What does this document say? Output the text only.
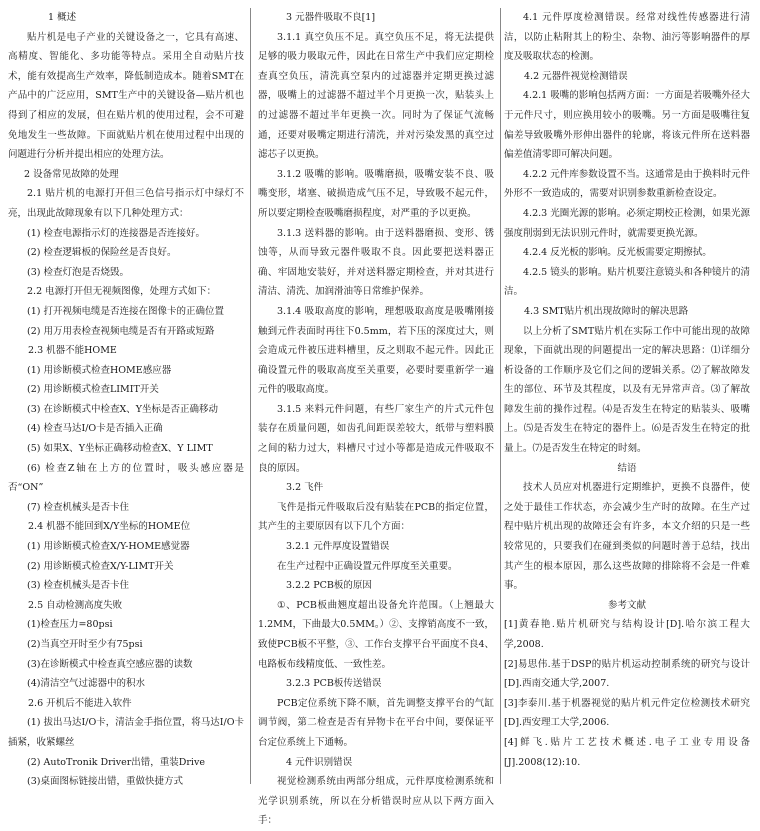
1 概述

贴片机是电子产业的关键设备之一，它具有高速、高精度、智能化、多功能等特点。采用全自动贴片技术，能有效提高生产效率，降低制造成本。随着SMT在产品中的广泛应用，SMT生产中的关键设备—贴片机也得到了相应的发展，但在贴片机的使用过程，会不可避免地发生一些故障。下面就贴片机在使用过程中出现的问题进行分析并提出相应的处理方法。

2 设备常见故障的处理

2.1 贴片机的电源打开但三色信号指示灯中绿灯不亮，出现此故障现象有以下几种处理方式：

(1) 检查电源指示灯的连接器是否连接好。

(2) 检查逻辑板的保险丝是否良好。

(3) 检查灯泡是否烧毁。

2.2 电源打开但无视频图像，处理方式如下：

(1) 打开视频电缆是否连接在图像卡的正确位置

(2) 用万用表检查视频电缆是否有开路或短路

2.3 机器不能HOME

(1) 用诊断模式检查HOME感应器

(2) 用诊断模式检查LIMIT开关

(3) 在诊断模式中检查X、Y坐标是否正确移动

(4) 检查马达I/O卡是否插入正确

(5) 如果X、Y坐标正确移动检查X、Y LIMT

(6) 检查Z轴在上方的位置时，吸头感应器是否“ON”

(7) 检查机械头是否卡住

2.4 机器不能回到X/Y坐标的HOME位

(1) 用诊断模式检查X/Y-HOME感觉器

(2) 用诊断模式检查X/Y-LIMT开关

(3) 检查机械头是否卡住

2.5 自动检测高度失败

(1)检查压力=80psi

(2)当真空开时至少有75psi

(3)在诊断模式中检查真空感应器的读数

(4)清洁空气过滤器中的积水

2.6 开机后不能进入软件

(1) 拔出马达I/O卡，清洁金手指位置，将马达I/O卡插紧，收紧螺丝

(2) AutoTronik Driver出错，重装Drive

(3)桌面图标链接出错，重做快捷方式

3 元器件吸取不良[1]

3.1.1 真空负压不足。真空负压不足，将无法提供足够的吸力吸取元件，因此在日常生产中我们应定期检查真空负压，清洗真空泵内的过滤器并定期更换过滤器，吸嘴上的过滤器不超过半个月更换一次，贴装头上的过滤器不超过半年更换一次。同时为了保证气流畅通，还要对吸嘴定期进行清洗，并对污染发黑的真空过滤芯子以更换。

3.1.2 吸嘴的影响。吸嘴磨损，吸嘴安装不良、吸嘴变形，堵塞、破损造成气压不足，导致吸不起元件，所以要定期检查吸嘴磨损程度，对严重的予以更换。

3.1.3 送料器的影响。由于送料器磨损、变形、锈蚀等，从而导致元器件吸取不良。因此要把送料器正确、牢固地安装好，并对送料器定期检查，并对其进行清洁、清洗、加润滑油等日常维护保养。

3.1.4 吸取高度的影响，理想吸取高度是吸嘴刚接触到元件表面时再往下0.5mm，若下压的深度过大，则会造成元件被压进料槽里，反之则取不起元件。因此正确设置元件的吸取高度至关重要，必要时要重新学一遍元件的吸取高度。

3.1.5 来料元件问题，有些厂家生产的片式元件包装存在质量问题，如齿孔间距误差较大，纸带与塑料膜之间的粘力过大，料槽尺寸过小等都是造成元件吸取不良的原因。

3.2 飞件

飞件是指元件吸取后没有贴装在PCB的指定位置，其产生的主要原因有以下几个方面：

3.2.1 元件厚度设置错误

在生产过程中正确设置元件厚度至关重要。

3.2.2 PCB板的原因

①、PCB板曲翘度超出设备允许范围。（上翘最大1.2MM，下曲最大0.5MM。）②、支撑销高度不一致，致使PCB板不平整，③、工作台支撑平台平面度不良4、电路板布线精度低、一致性差。

3.2.3 PCB板传送错误

PCB定位系统下降不顺，首先调整支撑平台的气缸调节阀，第二检查是否有异物卡在平台中间，要保证平台定位系统上下通畅。

4 元件识别错误

视觉检测系统由两部分组成，元件厚度检测系统和光学识别系统，所以在分析错误时应从以下两方面入手：

4.1 元件厚度检测错误。经常对线性传感器进行清洁，以防止粘附其上的粉尘、杂物、油污等影响器件的厚度及吸取状态的检测。

4.2 元器件视觉检测错误

4.2.1 吸嘴的影响包括两方面：一方面是若吸嘴外径大于元件尺寸，则应换用较小的吸嘴。另一方面是吸嘴往复偏差导致吸嘴外形伸出器件的轮廓，将该元件所在送料器偏差值清零即可解决问题。

4.2.2 元件库参数设置不当。这通常是由于换料时元件外形不一致造成的，需要对识别参数重新检查设定。

4.2.3 光圈光源的影响。必须定期校正检测，如果光源强度削弱到无法识别元件时，就需要更换光源。

4.2.4 反光板的影响。反光板需要定期擦拭。

4.2.5 镜头的影响。贴片机要注意镜头和各种镜片的清洁。

4.3 SMT贴片机出现故障时的解决思路

以上分析了SMT贴片机在实际工作中可能出现的故障现象，下面就出现的问题提出一定的解决思路：⑴详细分析设备的工作顺序及它们之间的逻辑关系。⑵了解故障发生的部位、环节及其程度，以及有无异常声音。⑶了解故障发生前的操作过程。⑷是否发生在特定的贴装头、吸嘴上。⑸是否发生在特定的器件上。⑹是否发生在特定的批量上。⑺是否发生在特定的时刻。

结语

技术人员应对机器进行定期维护，更换不良器件，使之处于最佳工作状态，亦会减少生产时的故障。在生产过程中贴片机出现的故障还会有许多，本文介绍的只是一些较常见的，只要我们在碰到类似的问题时善于总结，找出其产生的根本原因，那么这些故障的排除将不会是一件难事。

参考文献

[1]黄春艳.贴片机研究与结构设计[D].哈尔滨工程大学,2008.

[2]易思伟.基于DSP的贴片机运动控制系统的研究与设计[D].西南交通大学,2007.

[3]李泰川.基于机器视觉的贴片机元件定位检测技术研究[D].西安理工大学,2006.

[4]鲜飞.贴片工艺技术概述.电子工业专用设备[J].2008(12):10.
